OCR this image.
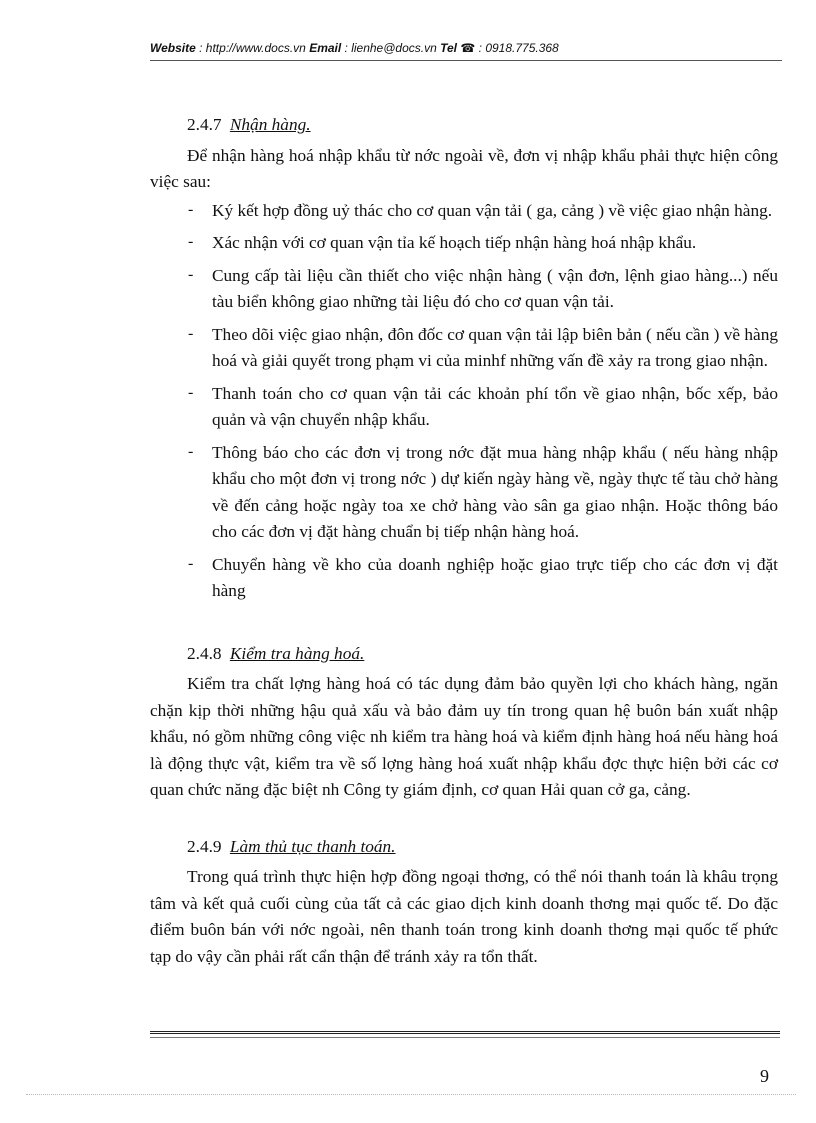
Website : http://www.docs.vn Email : lienhe@docs.vn Tel ☎ : 0918.775.368
2.4.7 Nhận hàng.

Để nhận hàng hoá nhập khẩu từ nớc ngoài về, đơn vị nhập khẩu phải thực hiện công việc sau:

- Ký kết hợp đồng uỷ thác cho cơ quan vận tải ( ga, cảng ) về việc giao nhận hàng.
- Xác nhận với cơ quan vận tỉa kế hoạch tiếp nhận hàng hoá nhập khẩu.
- Cung cấp tài liệu cần thiết cho việc nhận hàng ( vận đơn, lệnh giao hàng...) nếu tàu biển không giao những tài liệu đó cho cơ quan vận tải.
- Theo dõi việc giao nhận, đôn đốc cơ quan vận tải lập biên bản ( nếu cần ) về hàng hoá và giải quyết trong phạm vi của minhf những vấn đề xảy ra trong giao nhận.
- Thanh toán cho cơ quan vận tải các khoản phí tổn về giao nhận, bốc xếp, bảo quản và vận chuyển nhập khẩu.
- Thông báo cho các đơn vị trong nớc đặt mua hàng nhập khẩu ( nếu hàng nhập khẩu cho một đơn vị trong nớc ) dự kiến ngày hàng về, ngày thực tế tàu chở hàng về đến cảng hoặc ngày toa xe chở hàng vào sân ga giao nhận. Hoặc thông báo cho các đơn vị đặt hàng chuẩn bị tiếp nhận hàng hoá.
- Chuyển hàng về kho của doanh nghiệp hoặc giao trực tiếp cho các đơn vị đặt hàng
2.4.8 Kiểm tra hàng hoá.

Kiểm tra chất lợng hàng hoá có tác dụng đảm bảo quyền lợi cho khách hàng, ngăn chặn kịp thời những hậu quả xấu và bảo đảm uy tín trong quan hệ buôn bán xuất nhập khẩu, nó gồm những công việc nh kiểm tra hàng hoá và kiểm định hàng hoá nếu hàng hoá là động thực vật, kiểm tra về số lợng hàng hoá xuất nhập khẩu đợc thực hiện bởi các cơ quan chức năng đặc biệt nh Công ty giám định, cơ quan Hải quan cở ga, cảng.

2.4.9 Làm thủ tục thanh toán.

Trong quá trình thực hiện hợp đồng ngoại thơng, có thể nói thanh toán là khâu trọng tâm và kết quả cuối cùng của tất cả các giao dịch kinh doanh thơng mại quốc tế. Do đặc điểm buôn bán với nớc ngoài, nên thanh toán trong kinh doanh thơng mại quốc tế phức tạp do vậy cần phải rất cẩn thận để tránh xảy ra tổn thất.

9
